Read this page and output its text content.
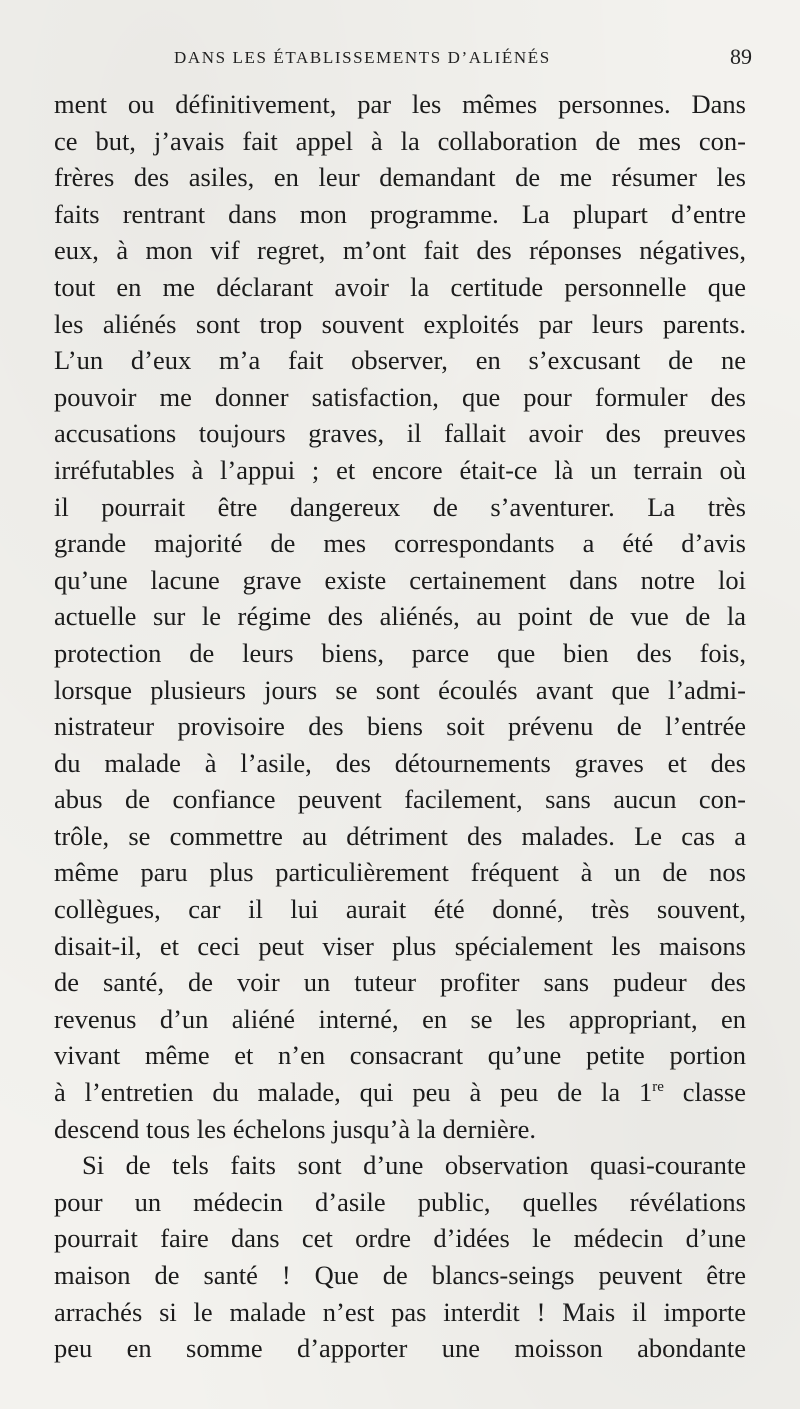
DANS LES ÉTABLISSEMENTS D’ALIÉNÉS	89
ment ou définitivement, par les mêmes personnes. Dans
ce but, j’avais fait appel à la collaboration de mes con-
frères des asiles, en leur demandant de me résumer les
faits rentrant dans mon programme. La plupart d’entre
eux, à mon vif regret, m’ont fait des réponses négatives,
tout en me déclarant avoir la certitude personnelle que
les aliénés sont trop souvent exploités par leurs parents.
L’un d’eux m’a fait observer, en s’excusant de ne
pouvoir me donner satisfaction, que pour formuler des
accusations toujours graves, il fallait avoir des preuves
irréfutables à l’appui ; et encore était-ce là un terrain où
il pourrait être dangereux de s’aventurer. La très
grande majorité de mes correspondants a été d’avis
qu’une lacune grave existe certainement dans notre loi
actuelle sur le régime des aliénés, au point de vue de la
protection de leurs biens, parce que bien des fois,
lorsque plusieurs jours se sont écoulés avant que l’admi-
nistrateur provisoire des biens soit prévenu de l’entrée
du malade à l’asile, des détournements graves et des
abus de confiance peuvent facilement, sans aucun con-
trôle, se commettre au détriment des malades. Le cas a
même paru plus particulièrement fréquent à un de nos
collègues, car il lui aurait été donné, très souvent,
disait-il, et ceci peut viser plus spécialement les maisons
de santé, de voir un tuteur profiter sans pudeur des
revenus d’un aliéné interné, en se les appropriant, en
vivant même et n’en consacrant qu’une petite portion
à l’entretien du malade, qui peu à peu de la 1re classe
descend tous les échelons jusqu’à la dernière.
Si de tels faits sont d’une observation quasi-courante
pour un médecin d’asile public, quelles révélations
pourrait faire dans cet ordre d’idées le médecin d’une
maison de santé ! Que de blancs-seings peuvent être
arrachés si le malade n’est pas interdit ! Mais il importe
peu en somme d’apporter une moisson abondante
